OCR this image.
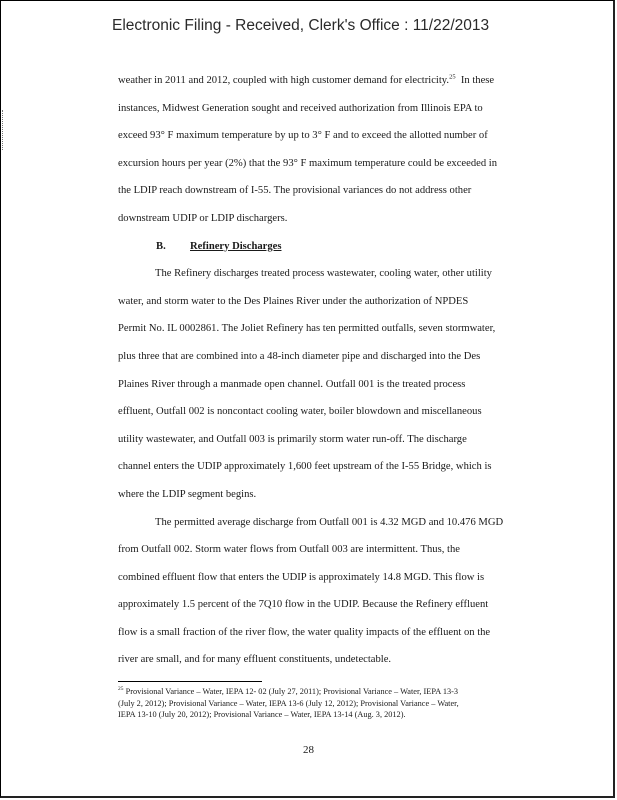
Electronic Filing - Received, Clerk's Office : 11/22/2013
weather in 2011 and 2012, coupled with high customer demand for electricity.$^{25}$  In these
instances, Midwest Generation sought and received authorization from Illinois EPA to
exceed 93° F maximum temperature by up to 3° F and to exceed the allotted number of
excursion hours per year (2%) that the 93° F maximum temperature could be exceeded in
the LDIP reach downstream of I-55. The provisional variances do not address other
downstream UDIP or LDIP dischargers.
B. Refinery Discharges
The Refinery discharges treated process wastewater, cooling water, other utility
water, and storm water to the Des Plaines River under the authorization of NPDES
Permit No. IL 0002861. The Joliet Refinery has ten permitted outfalls, seven stormwater,
plus three that are combined into a 48-inch diameter pipe and discharged into the Des
Plaines River through a manmade open channel. Outfall 001 is the treated process
effluent, Outfall 002 is noncontact cooling water, boiler blowdown and miscellaneous
utility wastewater, and Outfall 003 is primarily storm water run-off. The discharge
channel enters the UDIP approximately 1,600 feet upstream of the I-55 Bridge, which is
where the LDIP segment begins.
The permitted average discharge from Outfall 001 is 4.32 MGD and 10.476 MGD
from Outfall 002. Storm water flows from Outfall 003 are intermittent. Thus, the
combined effluent flow that enters the UDIP is approximately 14.8 MGD. This flow is
approximately 1.5 percent of the 7Q10 flow in the UDIP. Because the Refinery effluent
flow is a small fraction of the river flow, the water quality impacts of the effluent on the
river are small, and for many effluent constituents, undetectable.
$^{25}$ Provisional Variance – Water, IEPA 12- 02 (July 27, 2011); Provisional Variance – Water, IEPA 13-3
(July 2, 2012); Provisional Variance – Water, IEPA 13-6 (July 12, 2012); Provisional Variance – Water,
IEPA 13-10 (July 20, 2012); Provisional Variance – Water, IEPA 13-14 (Aug. 3, 2012).
28
